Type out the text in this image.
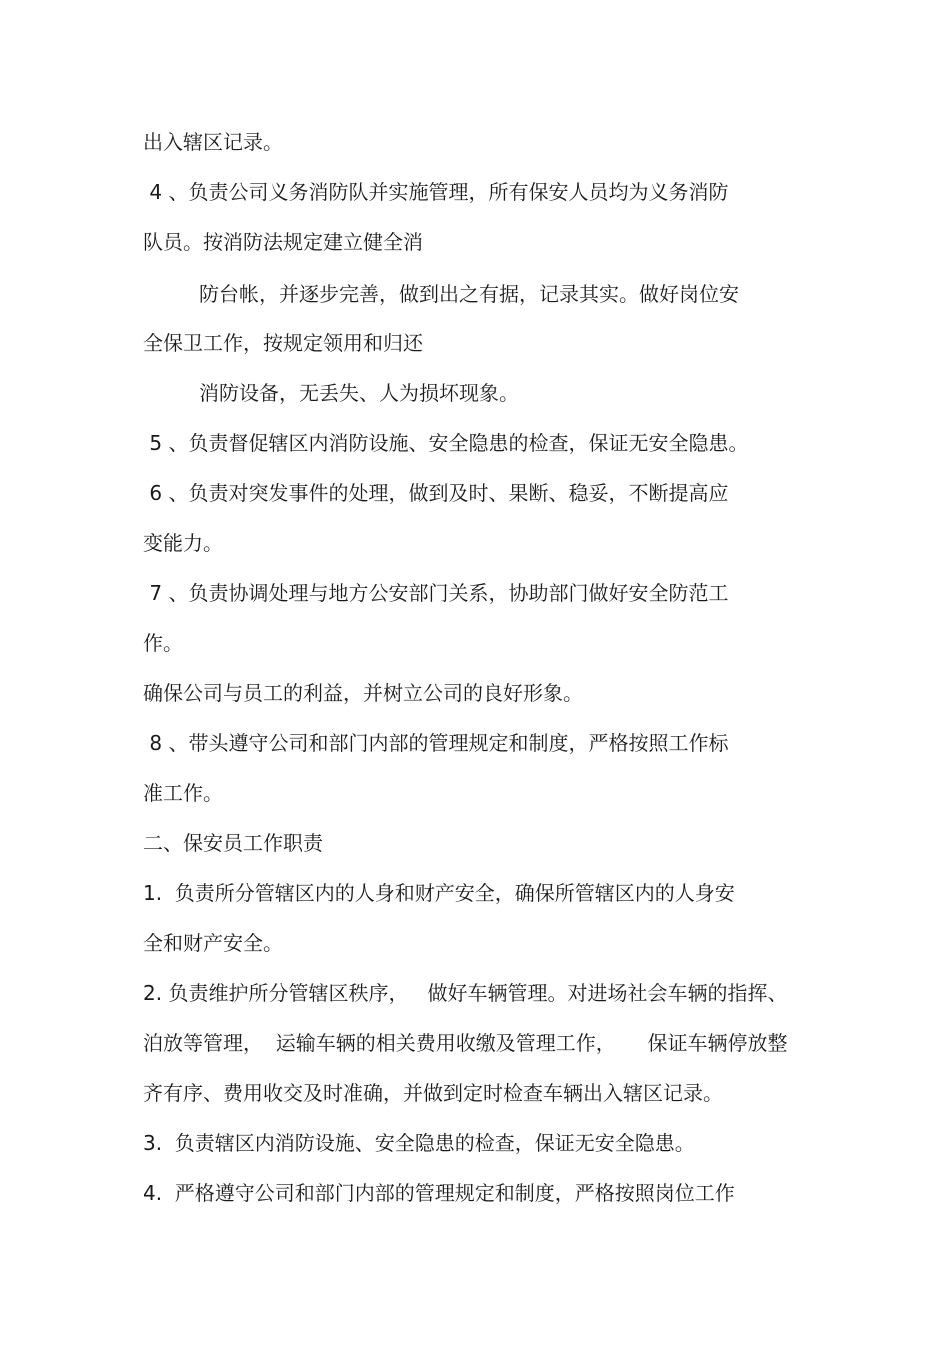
出入辖区记录。
4 、负责公司义务消防队并实施管理，所有保安人员均为义务消防
队员。按消防法规定建立健全消
防台帐，并逐步完善，做到出之有据，记录其实。做好岗位安
全保卫工作，按规定领用和归还
消防设备，无丢失、人为损坏现象。
5 、负责督促辖区内消防设施、安全隐患的检查，保证无安全隐患。
6 、负责对突发事件的处理，做到及时、果断、稳妥，不断提高应
变能力。
7 、负责协调处理与地方公安部门关系，协助部门做好安全防范工
作。
确保公司与员工的利益，并树立公司的良好形象。
8 、带头遵守公司和部门内部的管理规定和制度，严格按照工作标
准工作。
二、保安员工作职责
1.  负责所分管辖区内的人身和财产安全，确保所管辖区内的人身安
全和财产安全。
2. 负责维护所分管辖区秩序，   做好车辆管理。对进场社会车辆的指挥、
泊放等管理，  运输车辆的相关费用收缴及管理工作，     保证车辆停放整
齐有序、费用收交及时准确，并做到定时检查车辆出入辖区记录。
3.  负责辖区内消防设施、安全隐患的检查，保证无安全隐患。
4.  严格遵守公司和部门内部的管理规定和制度，严格按照岗位工作
